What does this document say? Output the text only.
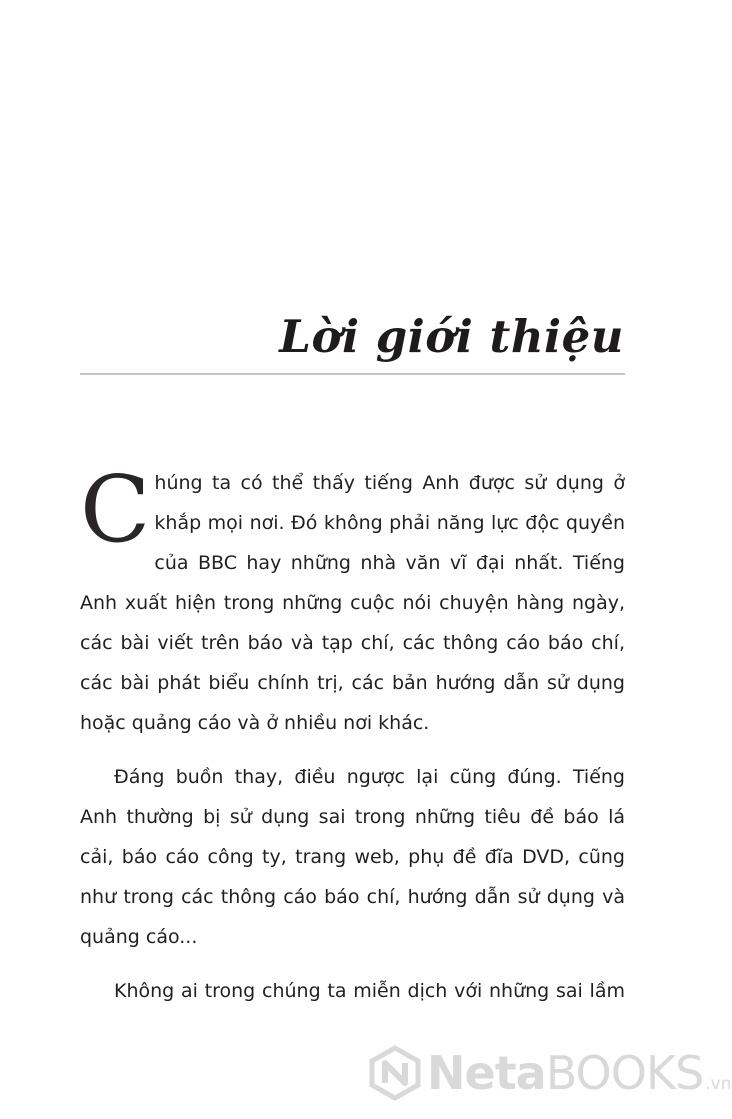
Lời giới thiệu

Chúng ta có thể thấy tiếng Anh được sử dụng ở khắp mọi nơi. Đó không phải năng lực độc quyền của BBC hay những nhà văn vĩ đại nhất. Tiếng Anh xuất hiện trong những cuộc nói chuyện hàng ngày, các bài viết trên báo và tạp chí, các thông cáo báo chí, các bài phát biểu chính trị, các bản hướng dẫn sử dụng hoặc quảng cáo và ở nhiều nơi khác.

Đáng buồn thay, điều ngược lại cũng đúng. Tiếng Anh thường bị sử dụng sai trong những tiêu đề báo lá cải, báo cáo công ty, trang web, phụ đề đĩa DVD, cũng như trong các thông cáo báo chí, hướng dẫn sử dụng và quảng cáo...

Không ai trong chúng ta miễn dịch với những sai lầm

NetaBOOKS .vn
